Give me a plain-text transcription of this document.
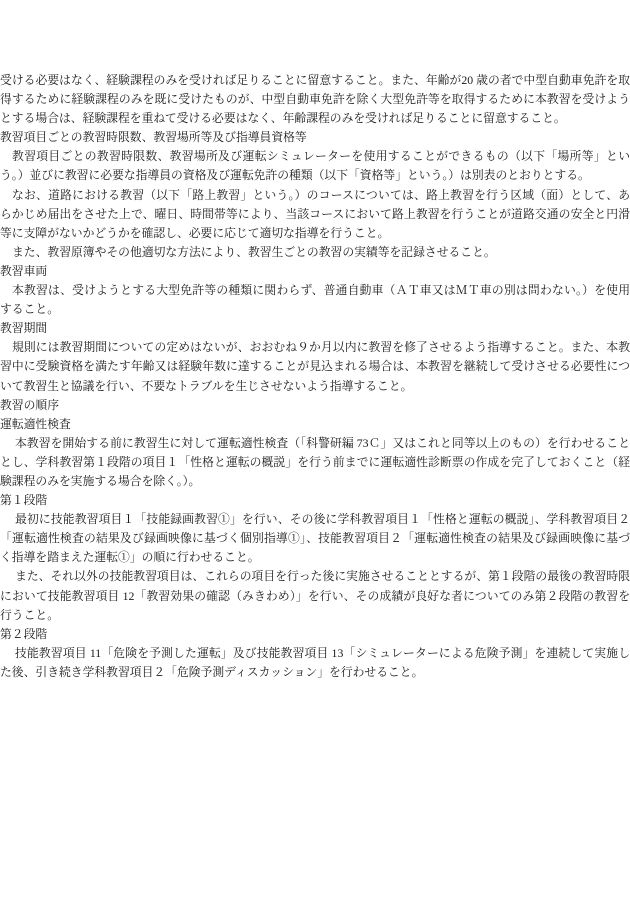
受ける必要はなく、経験課程のみを受ければ足りることに留意すること。また、年齢が20 歳の者で中型自動車免許を取得するために経験課程のみを既に受けたものが、中型自動車免許を除く大型免許等を取得するために本教習を受けようとする場合は、経験課程を重ねて受ける必要はなく、年齢課程のみを受ければ足りることに留意すること。

教習項目ごとの教習時限数、教習場所等及び指導員資格等

教習項目ごとの教習時限数、教習場所及び運転シミュレーターを使用することができるもの（以下「場所等」という。）並びに教習に必要な指導員の資格及び運転免許の種類（以下「資格等」という。）は別表のとおりとする。

なお、道路における教習（以下「路上教習」という。）のコースについては、路上教習を行う区域（面）として、あらかじめ届出をさせた上で、曜日、時間帯等により、当該コースにおいて路上教習を行うことが道路交通の安全と円滑等に支障がないかどうかを確認し、必要に応じて適切な指導を行うこと。

また、教習原簿やその他適切な方法により、教習生ごとの教習の実績等を記録させること。

教習車両

本教習は、受けようとする大型免許等の種類に関わらず、普通自動車（ＡＴ車又はＭＴ車の別は問わない。）を使用すること。

教習期間

規則には教習期間についての定めはないが、おおむね９か月以内に教習を修了させるよう指導すること。また、本教習中に受験資格を満たす年齢又は経験年数に達することが見込まれる場合は、本教習を継続して受けさせる必要性について教習生と協議を行い、不要なトラブルを生じさせないよう指導すること。

教習の順序

運転適性検査

本教習を開始する前に教習生に対して運転適性検査（「科警研編 73Ｃ」又はこれと同等以上のもの）を行わせることとし、学科教習第１段階の項目１「性格と運転の概説」を行う前までに運転適性診断票の作成を完了しておくこと（経験課程のみを実施する場合を除く。）。

第１段階

最初に技能教習項目１「技能録画教習①」を行い、その後に学科教習項目１「性格と運転の概説」、学科教習項目２「運転適性検査の結果及び録画映像に基づく個別指導①」、技能教習項目２「運転適性検査の結果及び録画映像に基づく指導を踏まえた運転①」の順に行わせること。

また、それ以外の技能教習項目は、これらの項目を行った後に実施させることとするが、第１段階の最後の教習時限において技能教習項目 12「教習効果の確認（みきわめ）」を行い、その成績が良好な者についてのみ第２段階の教習を行うこと。

第２段階

技能教習項目 11「危険を予測した運転」及び技能教習項目 13「シミュレーターによる危険予測」を連続して実施した後、引き続き学科教習項目２「危険予測ディスカッション」を行わせること。
